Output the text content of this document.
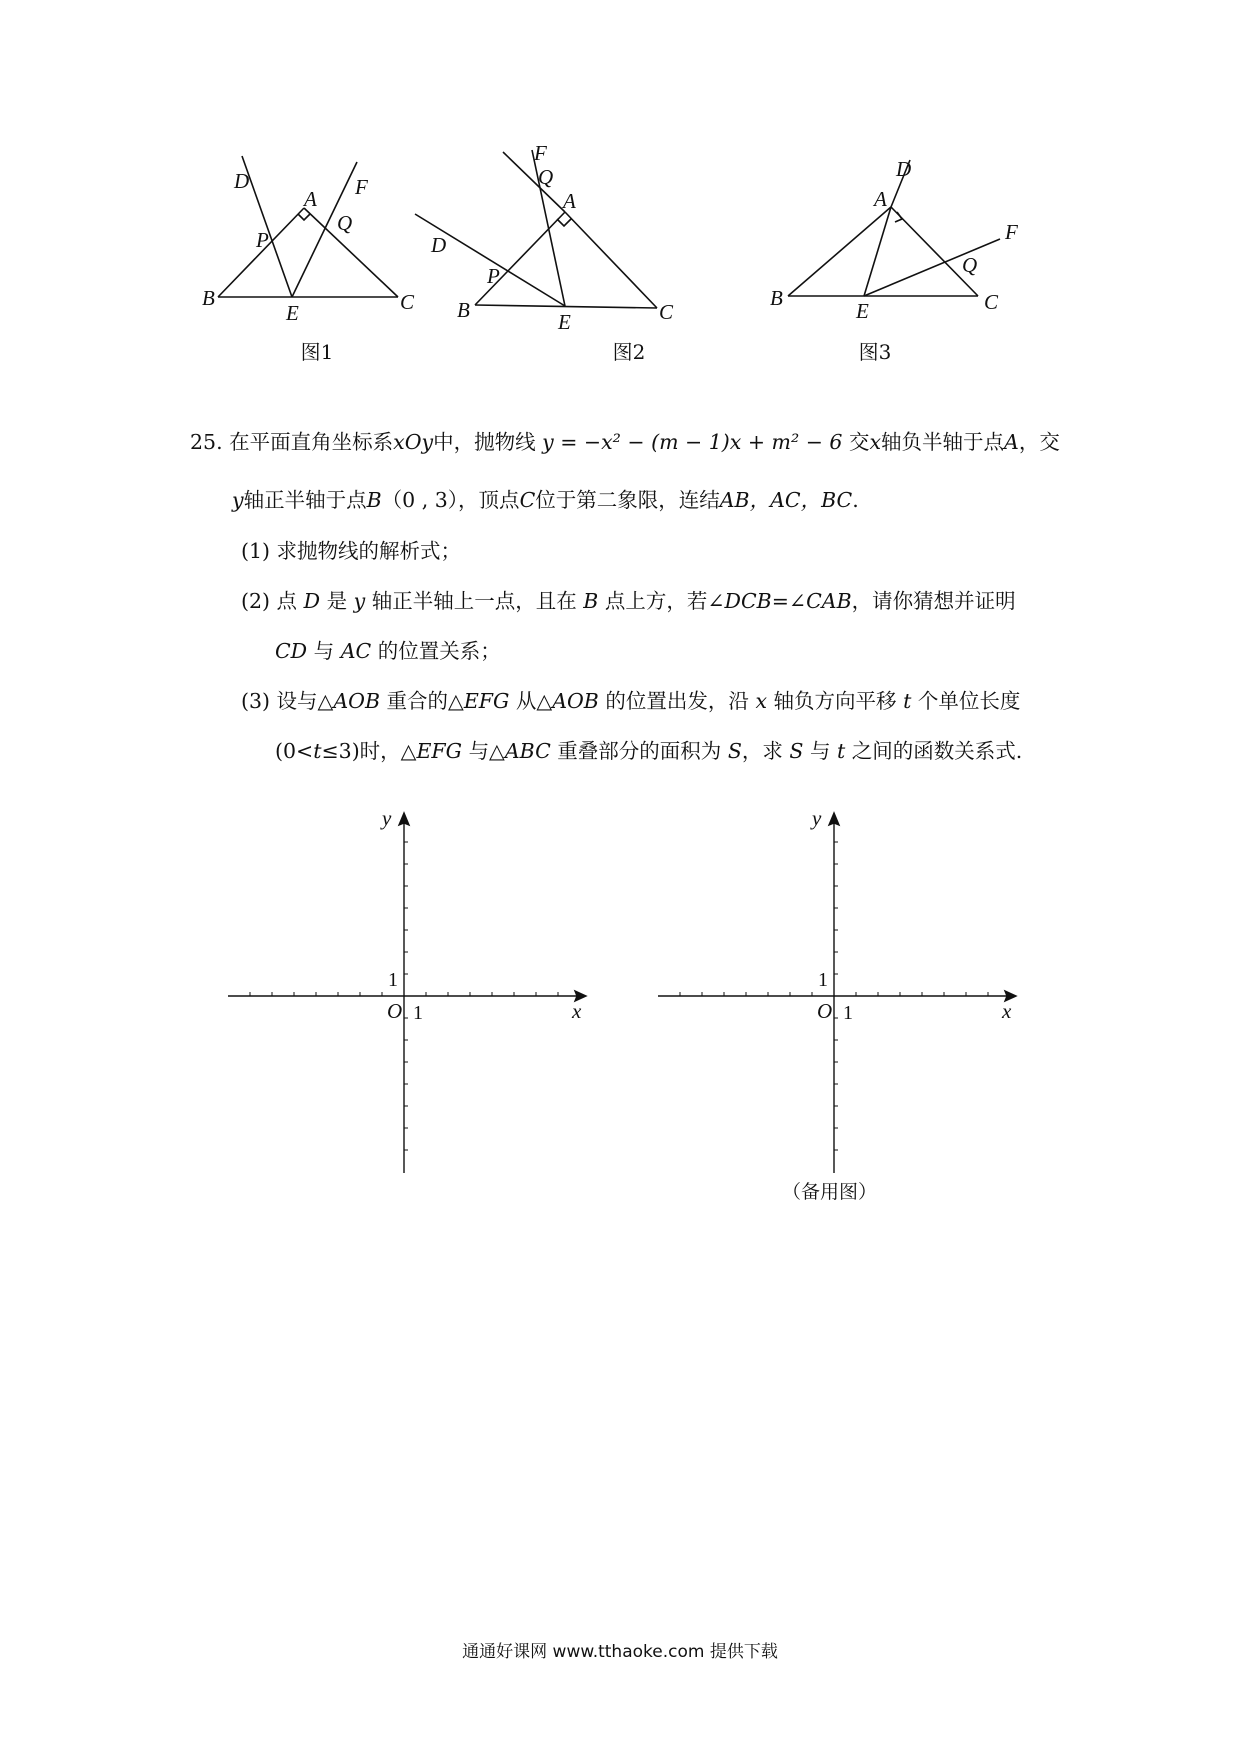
D
A F
P
Q
B	C
E
图1
F
Q
A
D
P
B	C
E
图2
D
A
F
Q
B	C
E
图3
25. 在平面直角坐标系xOy中，抛物线 y = −x² − (m − 1)x + m² − 6 交x轴负半轴于点A，交
y轴正半轴于点B（0 , 3），顶点C位于第二象限，连结AB，AC，BC.
(1) 求抛物线的解析式；
(2) 点 D 是 y 轴正半轴上一点，且在 B 点上方，若∠DCB=∠CAB，请你猜想并证明
CD 与 AC 的位置关系；
(3) 设与△AOB 重合的△EFG 从△AOB 的位置出发，沿 x 轴负方向平移 t 个单位长度
(0<t≤3)时，△EFG 与△ABC 重叠部分的面积为 S，求 S 与 t 之间的函数关系式.
y
x
O 1
1
y
x
O 1
1
（备用图）
通通好课网 www.tthaoke.com 提供下载
